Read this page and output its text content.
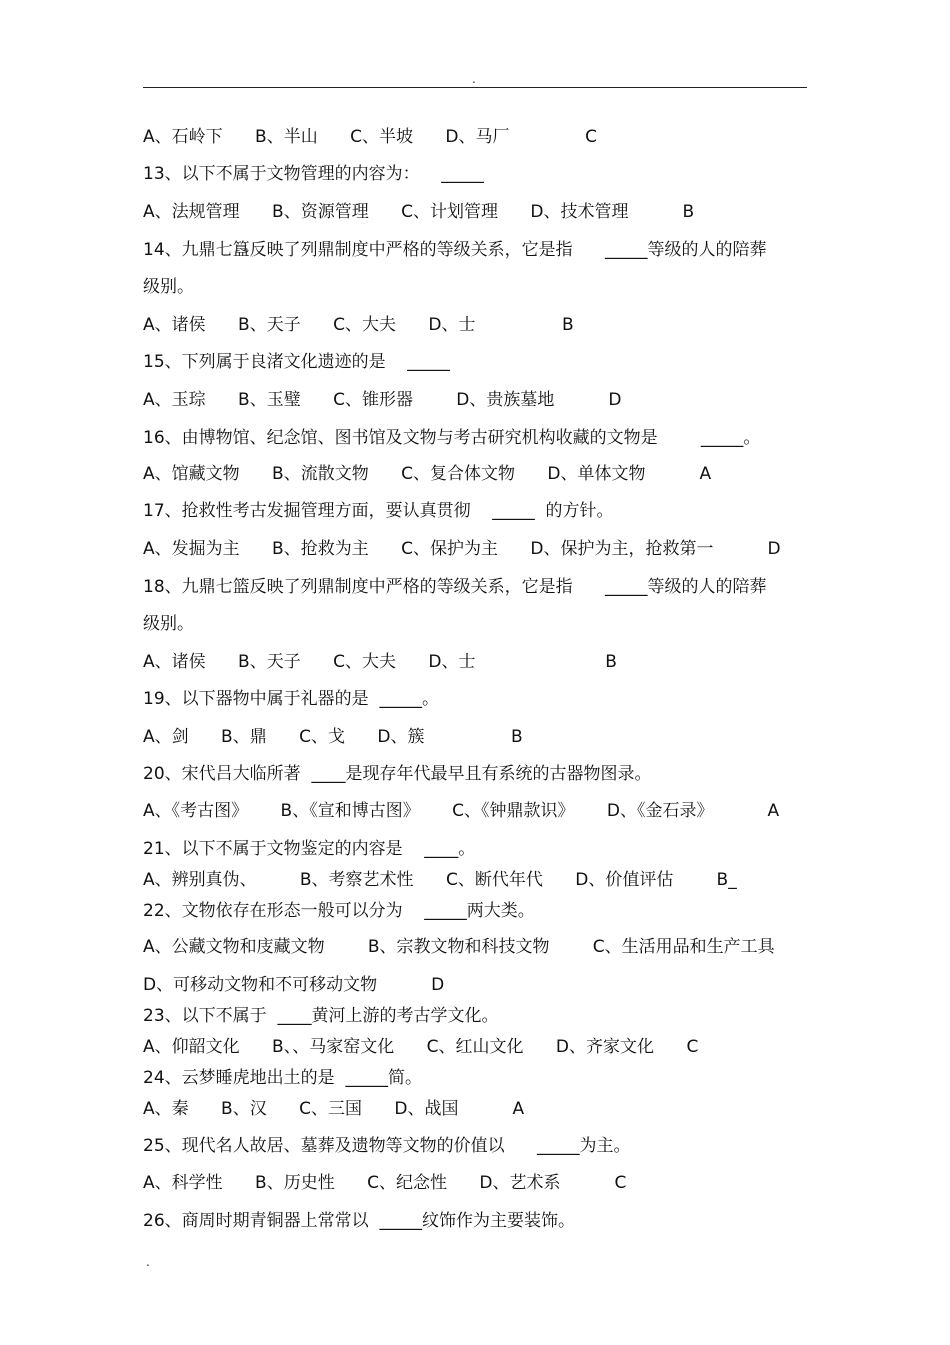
.

A、石岭下      B、半山      C、半坡      D、马厂              C

13、以下不属于文物管理的内容为：    _____

A、法规管理      B、资源管理      C、计划管理      D、技术管理          B

14、九鼎七簋反映了列鼎制度中严格的等级关系，它是指      _____等级的人的陪葬

级别。

A、诸侯      B、天子      C、大夫      D、士                B

15、下列属于良渚文化遗迹的是    _____

A、玉琮      B、玉璧      C、锥形器        D、贵族墓地          D

16、由博物馆、纪念馆、图书馆及文物与考古研究机构收藏的文物是        _____。

A、馆藏文物      B、流散文物      C、复合体文物      D、单体文物          A

17、抢救性考古发掘管理方面，要认真贯彻    _____  的方针。

A、发掘为主      B、抢救为主      C、保护为主      D、保护为主，抢救第一          D

18、九鼎七篮反映了列鼎制度中严格的等级关系，它是指      _____等级的人的陪葬

级别。

A、诸侯      B、天子      C、大夫      D、士                        B

19、以下器物中属于礼器的是  _____。

A、剑      B、鼎      C、戈      D、簇                B

20、宋代吕大临所著  ____是现存年代最早且有系统的古器物图录。

A、《考古图》      B、《宣和博古图》      C、《钟鼎款识》      D、《金石录》          A

21、以下不属于文物鉴定的内容是    ____。

A、辨别真伪、        B、考察艺术性      C、断代年代      D、价值评估        B_

22、文物依存在形态一般可以分为    _____两大类。

A、公藏文物和庋藏文物        B、宗教文物和科技文物        C、生活用品和生产工具

D、可移动文物和不可移动文物          D

23、以下不属于  ____黄河上游的考古学文化。

A、仰韶文化      B、、马家窑文化      C、红山文化      D、齐家文化      C

24、云梦睡虎地出土的是  _____简。

A、秦      B、汉      C、三国      D、战国          A

25、现代名人故居、墓葬及遗物等文物的价值以      _____为主。

A、科学性      B、历史性      C、纪念性      D、艺术系          C

26、商周时期青铜器上常常以  _____纹饰作为主要装饰。

.
